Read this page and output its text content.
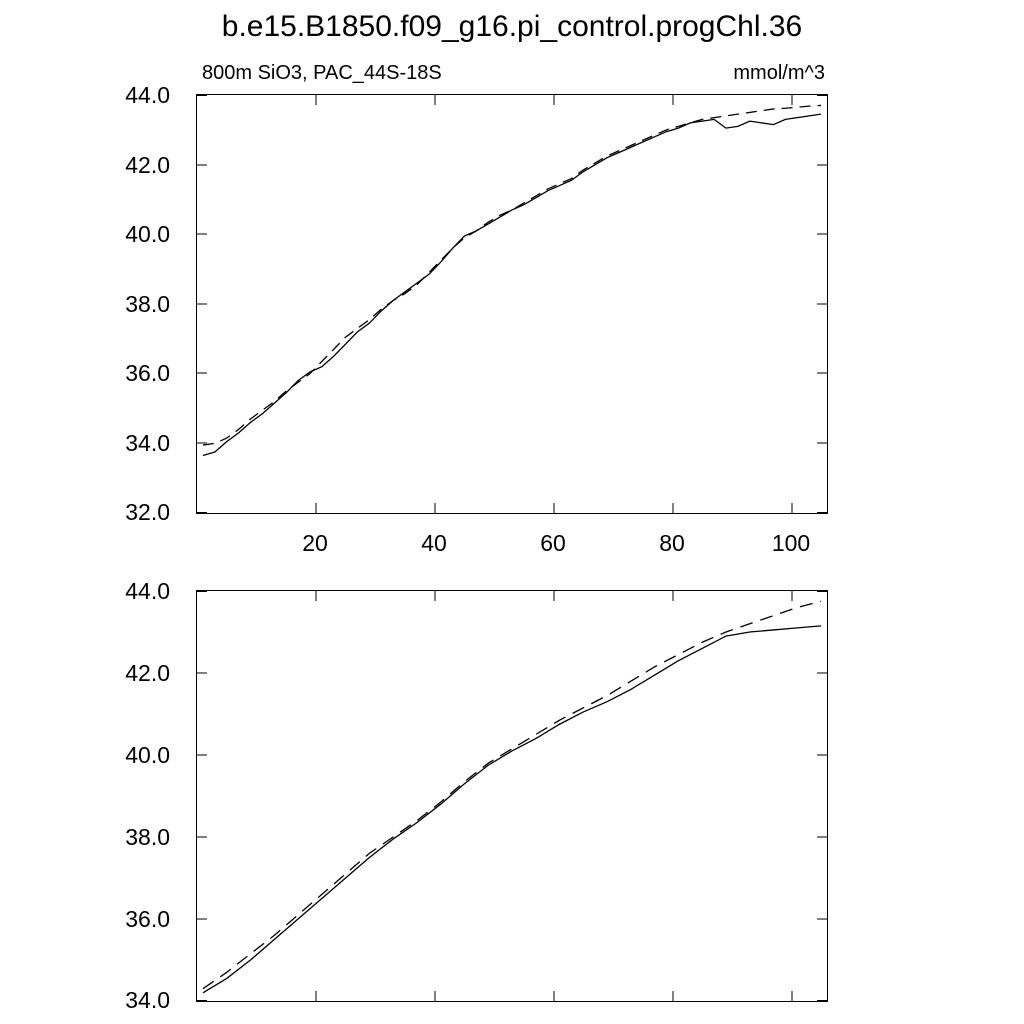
b.e15.B1850.f09_g16.pi_control.progChl.36
800m SiO3, PAC_44S-18S	mmol/m^3
44.0
42.0
40.0
38.0
36.0
34.0
32.0
20	40	60	80	100
44.0
42.0
40.0
38.0
36.0
34.0
